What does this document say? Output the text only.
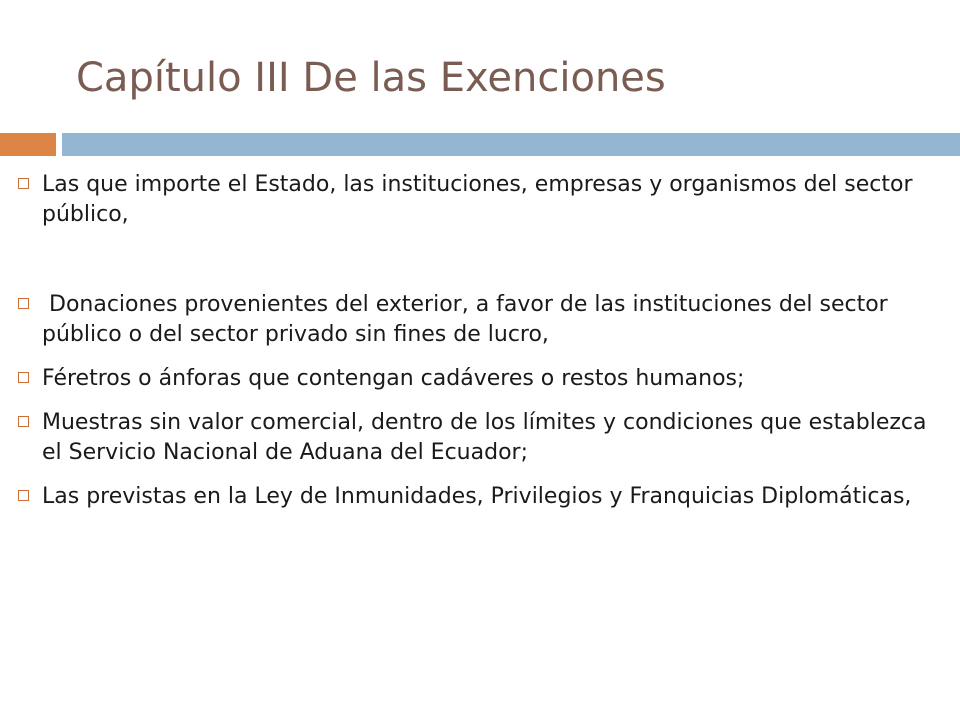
Capítulo III De las Exenciones
Las que importe el Estado, las instituciones, empresas y organismos del sector público,
Donaciones provenientes del exterior, a favor de las instituciones del sector público o del sector privado sin fines de lucro,
Féretros o ánforas que contengan cadáveres o restos humanos;
Muestras sin valor comercial, dentro de los límites y condiciones que establezca el Servicio Nacional de Aduana del Ecuador;
Las previstas en la Ley de Inmunidades, Privilegios y Franquicias Diplomáticas,
